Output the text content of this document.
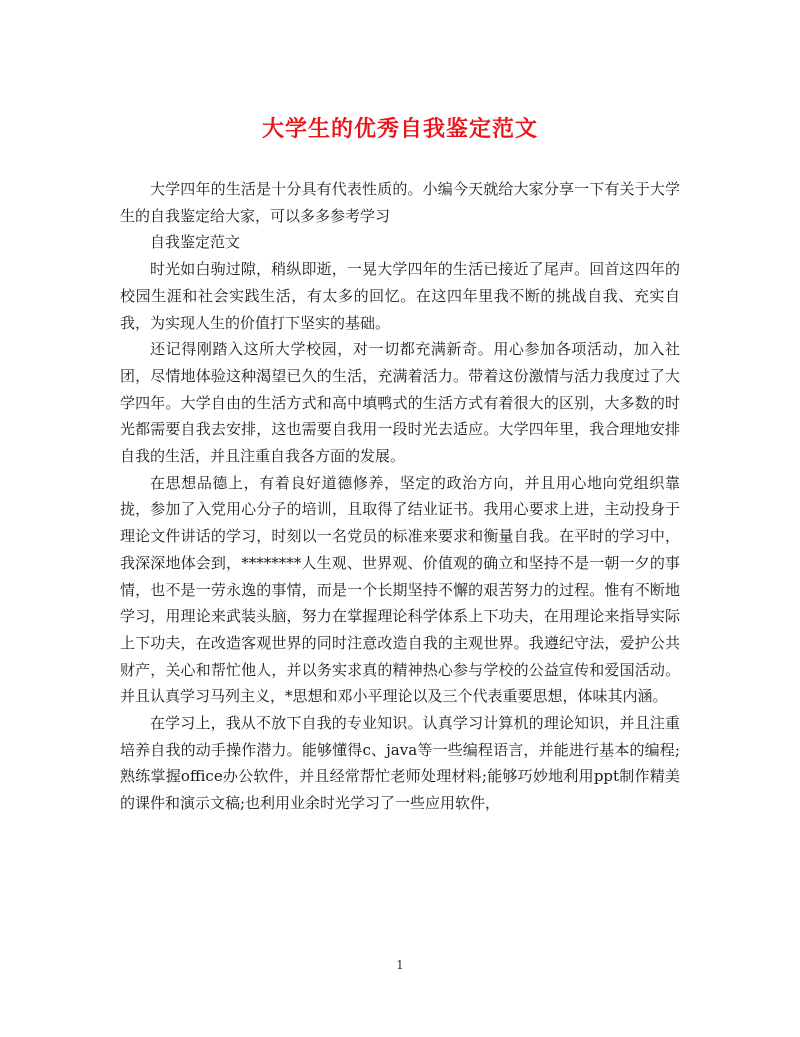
大学生的优秀自我鉴定范文

大学四年的生活是十分具有代表性质的。小编今天就给大家分享一下有关于大学生的自我鉴定给大家，可以多多参考学习

自我鉴定范文

时光如白驹过隙，稍纵即逝，一晃大学四年的生活已接近了尾声。回首这四年的校园生涯和社会实践生活，有太多的回忆。在这四年里我不断的挑战自我、充实自我，为实现人生的价值打下坚实的基础。

还记得刚踏入这所大学校园，对一切都充满新奇。用心参加各项活动，加入社团，尽情地体验这种渴望已久的生活，充满着活力。带着这份激情与活力我度过了大学四年。大学自由的生活方式和高中填鸭式的生活方式有着很大的区别，大多数的时光都需要自我去安排，这也需要自我用一段时光去适应。大学四年里，我合理地安排自我的生活，并且注重自我各方面的发展。

在思想品德上，有着良好道德修养，坚定的政治方向，并且用心地向党组织靠拢，参加了入党用心分子的培训，且取得了结业证书。我用心要求上进，主动投身于理论文件讲话的学习，时刻以一名党员的标准来要求和衡量自我。在平时的学习中，我深深地体会到，********人生观、世界观、价值观的确立和坚持不是一朝一夕的事情，也不是一劳永逸的事情，而是一个长期坚持不懈的艰苦努力的过程。惟有不断地学习，用理论来武装头脑，努力在掌握理论科学体系上下功夫，在用理论来指导实际上下功夫，在改造客观世界的同时注意改造自我的主观世界。我遵纪守法，爱护公共财产，关心和帮忙他人，并以务实求真的精神热心参与学校的公益宣传和爱国活动。并且认真学习马列主义，*思想和邓小平理论以及三个代表重要思想，体味其内涵。

在学习上，我从不放下自我的专业知识。认真学习计算机的理论知识，并且注重培养自我的动手操作潜力。能够懂得c、java等一些编程语言，并能进行基本的编程;熟练掌握office办公软件，并且经常帮忙老师处理材料;能够巧妙地利用ppt制作精美的课件和演示文稿;也利用业余时光学习了一些应用软件，

1
